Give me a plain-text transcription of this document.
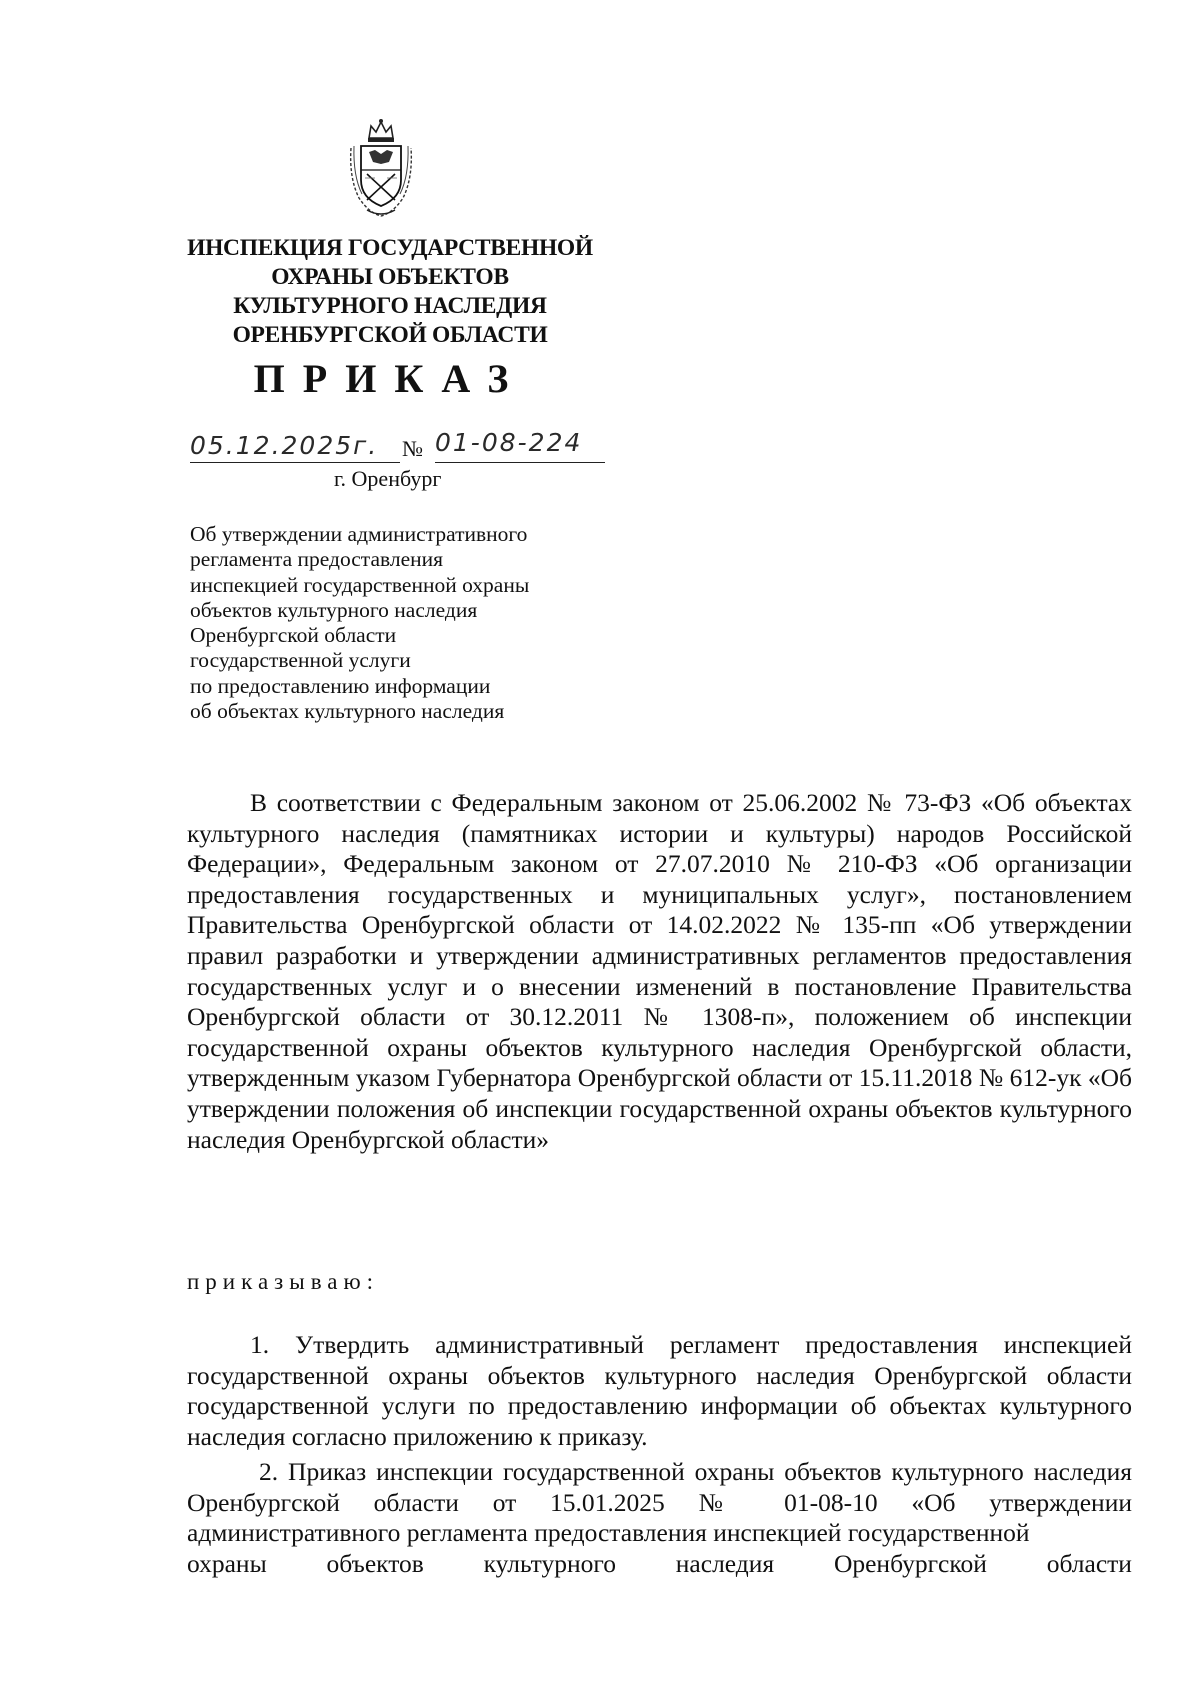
ИНСПЕКЦИЯ ГОСУДАРСТВЕННОЙ
ОХРАНЫ ОБЪЕКТОВ
КУЛЬТУРНОГО НАСЛЕДИЯ
ОРЕНБУРГСКОЙ ОБЛАСТИ
ПРИКАЗ
05.12.2025г.	№ 01-08-224
г. Оренбург
Об утверждении административного
регламента предоставления
инспекцией государственной охраны
объектов культурного наследия
Оренбургской области
государственной услуги
по предоставлению информации
об объектах культурного наследия

В соответствии с Федеральным законом от 25.06.2002 № 73-ФЗ «Об объектах культурного наследия (памятниках истории и культуры) народов Российской Федерации», Федеральным законом от 27.07.2010 № 210-ФЗ «Об организации предоставления государственных и муниципальных услуг», постановлением Правительства Оренбургской области от 14.02.2022 № 135-пп «Об утверждении правил разработки и утверждении административных регламентов предоставления государственных услуг и о внесении изменений в постановление Правительства Оренбургской области от 30.12.2011 № 1308-п», положением об инспекции государственной охраны объектов культурного наследия Оренбургской области, утвержденным указом Губернатора Оренбургской области от 15.11.2018 № 612-ук «Об утверждении положения об инспекции государственной охраны объектов культурного наследия Оренбургской области»

приказываю:

1. Утвердить административный регламент предоставления инспекцией государственной охраны объектов культурного наследия Оренбургской области государственной услуги по предоставлению информации об объектах культурного наследия согласно приложению к приказу.

2. Приказ инспекции государственной охраны объектов культурного наследия Оренбургской области от 15.01.2025 № 01-08-10 «Об утверждении административного регламента предоставления инспекцией государственной

охраны объектов культурного наследия Оренбургской области
